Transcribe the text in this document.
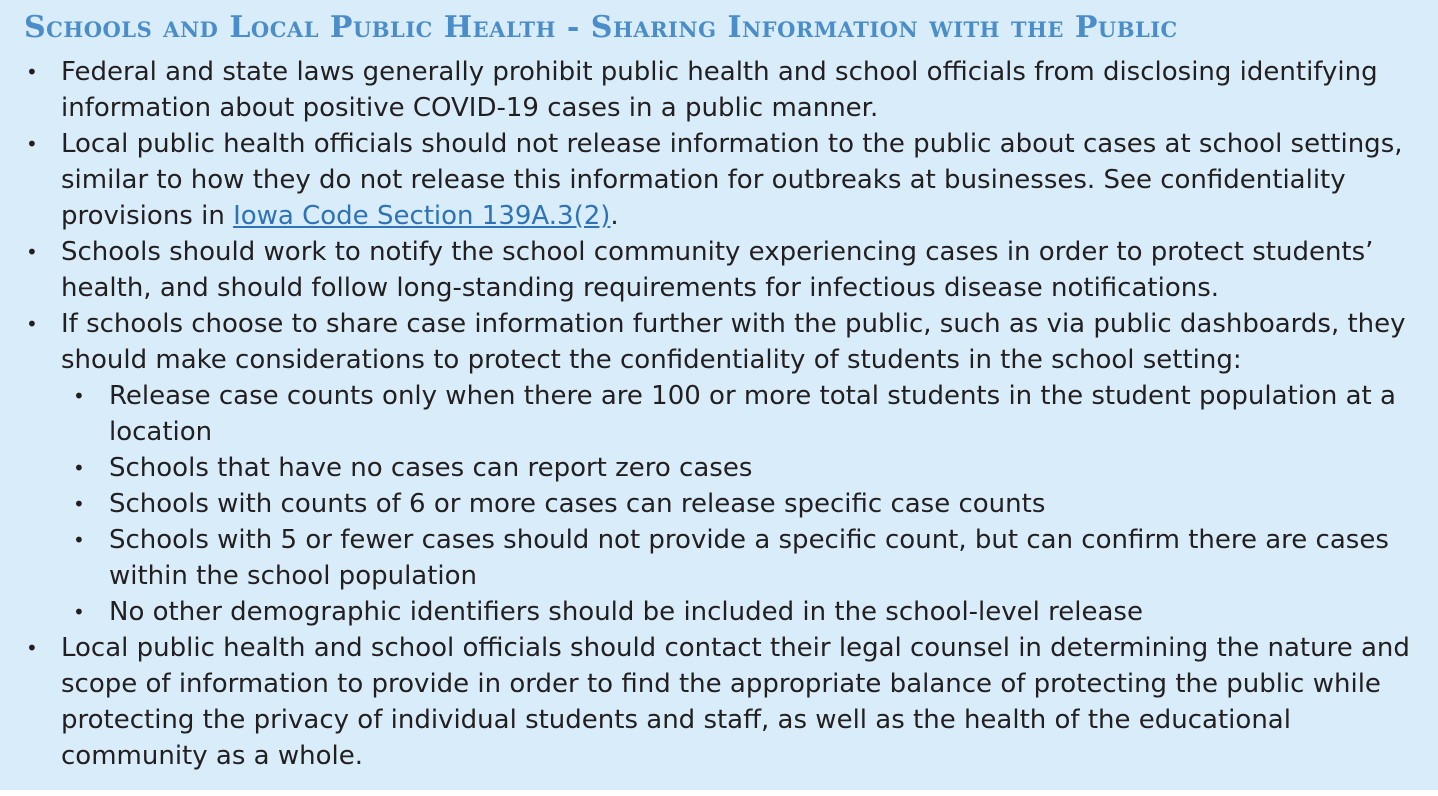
Schools and Local Public Health - Sharing Information with the Public
• Federal and state laws generally prohibit public health and school officials from disclosing identifying information about positive COVID-19 cases in a public manner.
• Local public health officials should not release information to the public about cases at school settings, similar to how they do not release this information for outbreaks at businesses. See confidentiality provisions in Iowa Code Section 139A.3(2).
• Schools should work to notify the school community experiencing cases in order to protect students’ health, and should follow long-standing requirements for infectious disease notifications.
• If schools choose to share case information further with the public, such as via public dashboards, they should make considerations to protect the confidentiality of students in the school setting:
• Release case counts only when there are 100 or more total students in the student population at a location
• Schools that have no cases can report zero cases
• Schools with counts of 6 or more cases can release specific case counts
• Schools with 5 or fewer cases should not provide a specific count, but can confirm there are cases within the school population
• No other demographic identifiers should be included in the school-level release
• Local public health and school officials should contact their legal counsel in determining the nature and scope of information to provide in order to find the appropriate balance of protecting the public while protecting the privacy of individual students and staff, as well as the health of the educational community as a whole.
